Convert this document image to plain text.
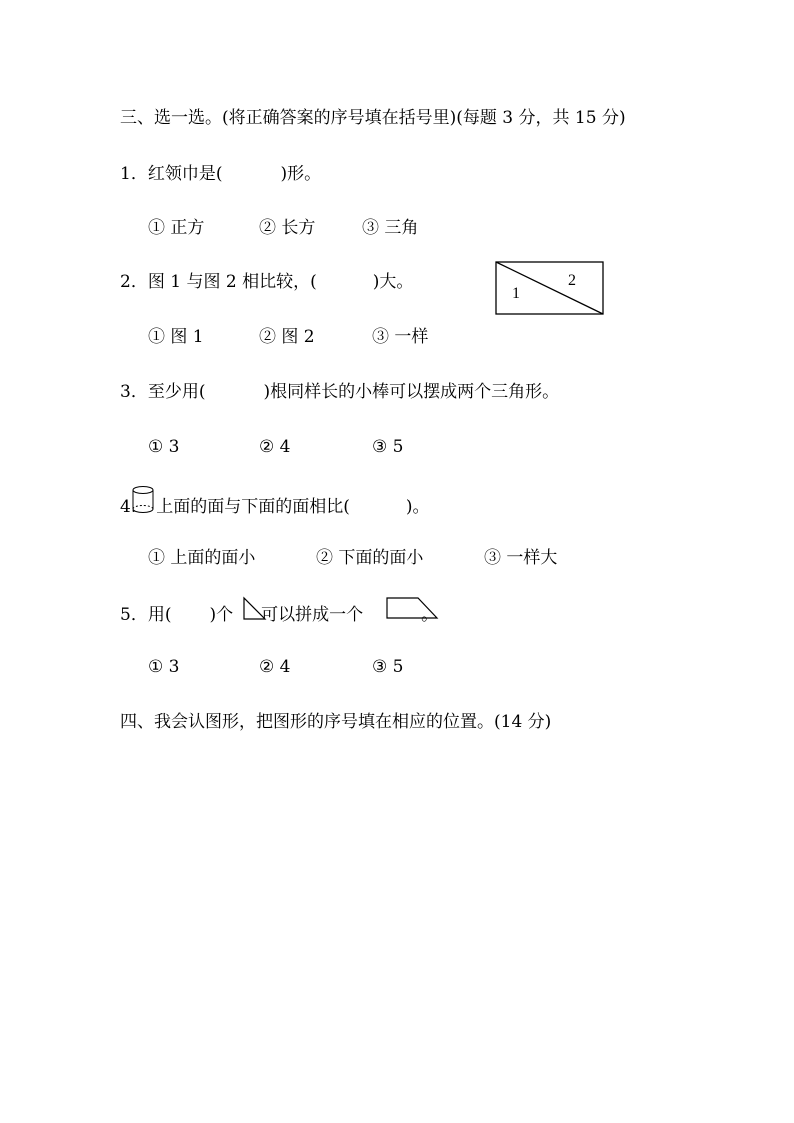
三、选一选。(将正确答案的序号填在括号里)(每题 3 分，共 15 分)
1．红领巾是(	)形。
① 正方	② 长方	③ 三角
2．图 1 与图 2 相比较，(	)大。
1
2
① 图 1	② 图 2	③ 一样
3．至少用(	)根同样长的小棒可以摆成两个三角形。
① 3	② 4	③ 5
4. 上面的面与下面的面相比(	)。
① 上面的面小	② 下面的面小	③ 一样大
5．用( )个 可以拼成一个	。
① 3	② 4	③ 5
四、我会认图形，把图形的序号填在相应的位置。(14 分)
